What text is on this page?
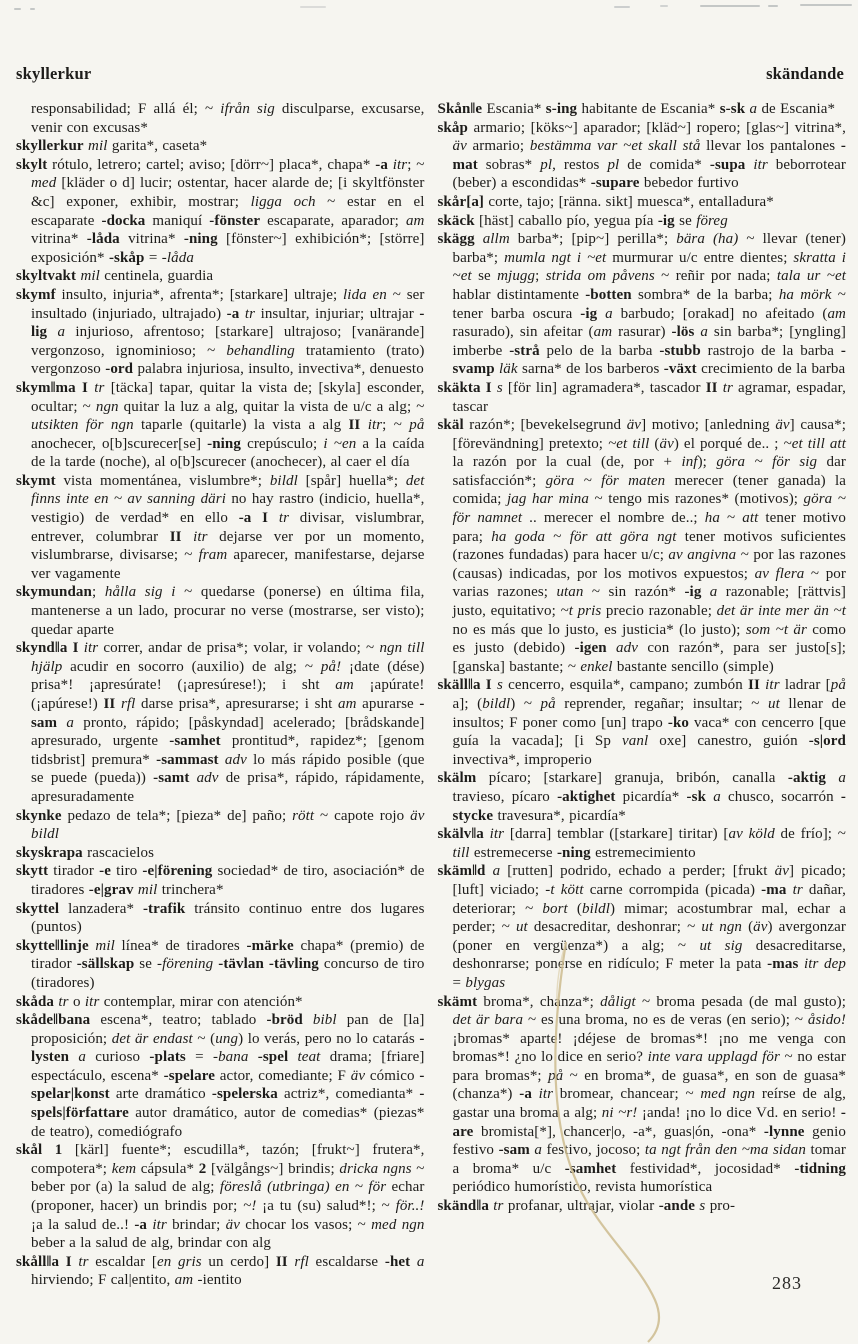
skyllerkur	skändande

responsabilidad; F allá él; ~ ifrån sig disculparse, excusarse, venir con excusas*

skyllerkur mil garita*, caseta*

skylt rótulo, letrero; cartel; aviso; [dörr~] placa*, chapa* -a itr; ~ med [kläder o d] lucir; ostentar, hacer alarde de; [i skyltfönster &c] exponer, exhibir, mostrar; ligga och ~ estar en el escaparate -docka maniquí -fönster escaparate, aparador; am vitrina* -låda vitrina* -ning [fönster~] exhibición*; [större] exposición* -skåp = -låda

skyltvakt mil centinela, guardia

skymf insulto, injuria*, afrenta*; [starkare] ultraje; lida en ~ ser insultado (injuriado, ultrajado) -a tr insultar, injuriar; ultrajar -lig a injurioso, afrentoso; [starkare] ultrajoso; [vanärande] vergonzoso, ignominioso; ~ behandling tratamiento (trato) vergonzoso -ord palabra injuriosa, insulto, invectiva*, denuesto

skym‖ma I tr [täcka] tapar, quitar la vista de; [skyla] esconder, ocultar; ~ ngn quitar la luz a alg, quitar la vista de u/c a alg; ~ utsikten för ngn taparle (quitarle) la vista a alg II itr; ~ på anochecer, o[b]scurecer[se] -ning crepúsculo; i ~en a la caída de la tarde (noche), al o[b]scurecer (anochecer), al caer el día

skymt vista momentánea, vislumbre*; bildl [spår] huella*; det finns inte en ~ av sanning däri no hay rastro (indicio, huella*, vestigio) de verdad* en ello -a I tr divisar, vislumbrar, entrever, columbrar II itr dejarse ver por un momento, vislumbrarse, divisarse; ~ fram aparecer, manifestarse, dejarse ver vagamente

skymundan; hålla sig i ~ quedarse (ponerse) en última fila, mantenerse a un lado, procurar no verse (mostrarse, ser visto); quedar aparte

skynd‖a I itr correr, andar de prisa*; volar, ir volando; ~ ngn till hjälp acudir en socorro (auxilio) de alg; ~ på! ¡date (dése) prisa*! ¡apresúrate! (¡apresúrese!); i sht am ¡apúrate! (¡apúrese!) II rfl darse prisa*, apresurarse; i sht am apurarse -sam a pronto, rápido; [påskyndad] acelerado; [brådskande] apresurado, urgente -samhet prontitud*, rapidez*; [genom tidsbrist] premura* -sammast adv lo más rápido posible (que se puede (pueda)) -samt adv de prisa*, rápido, rápidamente, apresuradamente

skynke pedazo de tela*; [pieza* de] paño; rött ~ capote rojo äv bildl

skyskrapa rascacielos

skytt tirador -e tiro -e|förening sociedad* de tiro, asociación* de tiradores -e|grav mil trinchera*

skyttel lanzadera* -trafik tránsito continuo entre dos lugares (puntos)

skytte‖linje mil línea* de tiradores -märke chapa* (premio) de tirador -sällskap se -förening -tävlan -tävling concurso de tiro (tiradores)

skåda tr o itr contemplar, mirar con atención*

skåde‖bana escena*, teatro; tablado -bröd bibl pan de [la] proposición; det är endast ~ (ung) lo verás, pero no lo catarás -lysten a curioso -plats = -bana -spel teat drama; [friare] espectáculo, escena* -spelare actor, comediante; F äv cómico -spelar|konst arte dramático -spelerska actriz*, comedianta* -spels|författare autor dramático, autor de comedias* (piezas* de teatro), comediógrafo

skål 1 [kärl] fuente*; escudilla*, tazón; [frukt~] frutera*, compotera*; kem cápsula* 2 [välgångs~] brindis; dricka ngns ~ beber por (a) la salud de alg; föreslå (utbringa) en ~ för echar (proponer, hacer) un brindis por; ~! ¡a tu (su) salud*!; ~ för..! ¡a la salud de..! -a itr brindar; äv chocar los vasos; ~ med ngn beber a la salud de alg, brindar con alg

skåll‖a I tr escaldar [en gris un cerdo] II rfl escaldarse -het a hirviendo; F cal|entito, am -ientito

Skån‖e Escania* s-ing habitante de Escania* s-sk a de Escania*

skåp armario; [köks~] aparador; [kläd~] ropero; [glas~] vitrina*, äv armario; bestämma var ~et skall stå llevar los pantalones -mat sobras* pl, restos pl de comida* -supa itr beborrotear (beber) a escondidas* -supare bebedor furtivo

skår[a] corte, tajo; [ränna. sikt] muesca*, entalladura*

skäck [häst] caballo pío, yegua pía -ig se föreg

skägg allm barba*; [pip~] perilla*; bära (ha) ~ llevar (tener) barba*; mumla ngt i ~et murmurar u/c entre dientes; skratta i ~et se mjugg; strida om påvens ~ reñir por nada; tala ur ~et hablar distintamente -botten sombra* de la barba; ha mörk ~ tener barba oscura -ig a barbudo; [orakad] no afeitado (am rasurado), sin afeitar (am rasurar) -lös a sin barba*; [yngling] imberbe -strå pelo de la barba -stubb rastrojo de la barba -svamp läk sarna* de los barberos -växt crecimiento de la barba

skäkta I s [för lin] agramadera*, tascador II tr agramar, espadar, tascar

skäl razón*; [bevekelsegrund äv] motivo; [anledning äv] causa*; [förevändning] pretexto; ~et till (äv) el porqué de.. ; ~et till att la razón por la cual (de, por + inf); göra ~ för sig dar satisfacción*; göra ~ för maten merecer (tener ganada) la comida; jag har mina ~ tengo mis razones* (motivos); göra ~ för namnet .. merecer el nombre de..; ha ~ att tener motivo para; ha goda ~ för att göra ngt tener motivos suficientes (razones fundadas) para hacer u/c; av angivna ~ por las razones (causas) indicadas, por los motivos expuestos; av flera ~ por varias razones; utan ~ sin razón* -ig a razonable; [rättvis] justo, equitativo; ~t pris precio razonable; det är inte mer än ~t no es más que lo justo, es justicia* (lo justo); som ~t är como es justo (debido) -igen adv con razón*, para ser justo[s]; [ganska] bastante; ~ enkel bastante sencillo (simple)

skäll‖a I s cencerro, esquila*, campano; zumbón II itr ladrar [på a]; (bildl) ~ på reprender, regañar; insultar; ~ ut llenar de insultos; F poner como [un] trapo -ko vaca* con cencerro [que guía la vacada]; [i Sp vanl oxe] canestro, guión -s|ord invectiva*, improperio

skälm pícaro; [starkare] granuja, bribón, canalla -aktig a travieso, pícaro -aktighet picardía* -sk a chusco, socarrón -stycke travesura*, picardía*

skälv‖a itr [darra] temblar ([starkare] tiritar) [av köld de frío]; ~ till estremecerse -ning estremecimiento

skäm‖d a [rutten] podrido, echado a perder; [frukt äv] picado; [luft] viciado; -t kött carne corrompida (picada) -ma tr dañar, deteriorar; ~ bort (bildl) mimar; acostumbrar mal, echar a perder; ~ ut desacreditar, deshonrar; ~ ut ngn (äv) avergonzar (poner en vergüenza*) a alg; ~ ut sig desacreditarse, deshonrarse; ponerse en ridículo; F meter la pata -mas itr dep = blygas

skämt broma*, chanza*; dåligt ~ broma pesada (de mal gusto); det är bara ~ es una broma, no es de veras (en serio); ~ åsido! ¡bromas* aparte! ¡déjese de bromas*! ¡no me venga con bromas*! ¿no lo dice en serio? inte vara upplagd för ~ no estar para bromas*; på ~ en broma*, de guasa*, en son de guasa* (chanza*) -a itr bromear, chancear; ~ med ngn reírse de alg, gastar una broma a alg; ni ~r! ¡anda! ¡no lo dice Vd. en serio! -are bromista[*], chancer|o, -a*, guas|ón, -ona* -lynne genio festivo -sam a festivo, jocoso; ta ngt från den ~ma sidan tomar a broma* u/c -samhet festividad*, jocosidad* -tidning periódico humorístico, revista humorística

skänd‖a tr profanar, ultrajar, violar -ande s pro-

283
